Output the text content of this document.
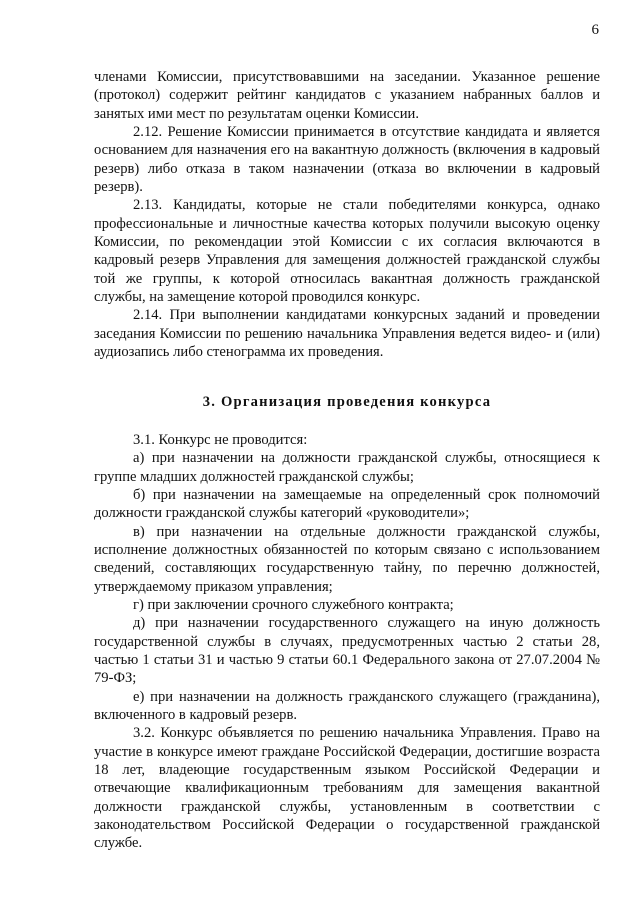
6

членами Комиссии, присутствовавшими на заседании. Указанное решение (протокол) содержит рейтинг кандидатов с указанием набранных баллов и занятых ими мест по результатам оценки Комиссии.

2.12. Решение Комиссии принимается в отсутствие кандидата и является основанием для назначения его на вакантную должность (включения в кадровый резерв) либо отказа в таком назначении (отказа во включении в кадровый резерв).

2.13. Кандидаты, которые не стали победителями конкурса, однако профессиональные и личностные качества которых получили высокую оценку Комиссии, по рекомендации этой Комиссии с их согласия включаются в кадровый резерв Управления для замещения должностей гражданской службы той же группы, к которой относилась вакантная должность гражданской службы, на замещение которой проводился конкурс.

2.14. При выполнении кандидатами конкурсных заданий и проведении заседания Комиссии по решению начальника Управления ведется видео- и (или) аудиозапись либо стенограмма их проведения.

3. Организация проведения конкурса

3.1. Конкурс не проводится:

а) при назначении на должности гражданской службы, относящиеся к группе младших должностей гражданской службы;

б) при назначении на замещаемые на определенный срок полномочий должности гражданской службы категорий «руководители»;

в) при назначении на отдельные должности гражданской службы, исполнение должностных обязанностей по которым связано с использованием сведений, составляющих государственную тайну, по перечню должностей, утверждаемому приказом управления;

г) при заключении срочного служебного контракта;

д) при назначении государственного служащего на иную должность государственной службы в случаях, предусмотренных частью 2 статьи 28, частью 1 статьи 31 и частью 9 статьи 60.1 Федерального закона от 27.07.2004 № 79-ФЗ;

е) при назначении на должность гражданского служащего (гражданина), включенного в кадровый резерв.

3.2. Конкурс объявляется по решению начальника Управления. Право на участие в конкурсе имеют граждане Российской Федерации, достигшие возраста 18 лет, владеющие государственным языком Российской Федерации и отвечающие квалификационным требованиям для замещения вакантной должности гражданской службы, установленным в соответствии с законодательством Российской Федерации о государственной гражданской службе.
